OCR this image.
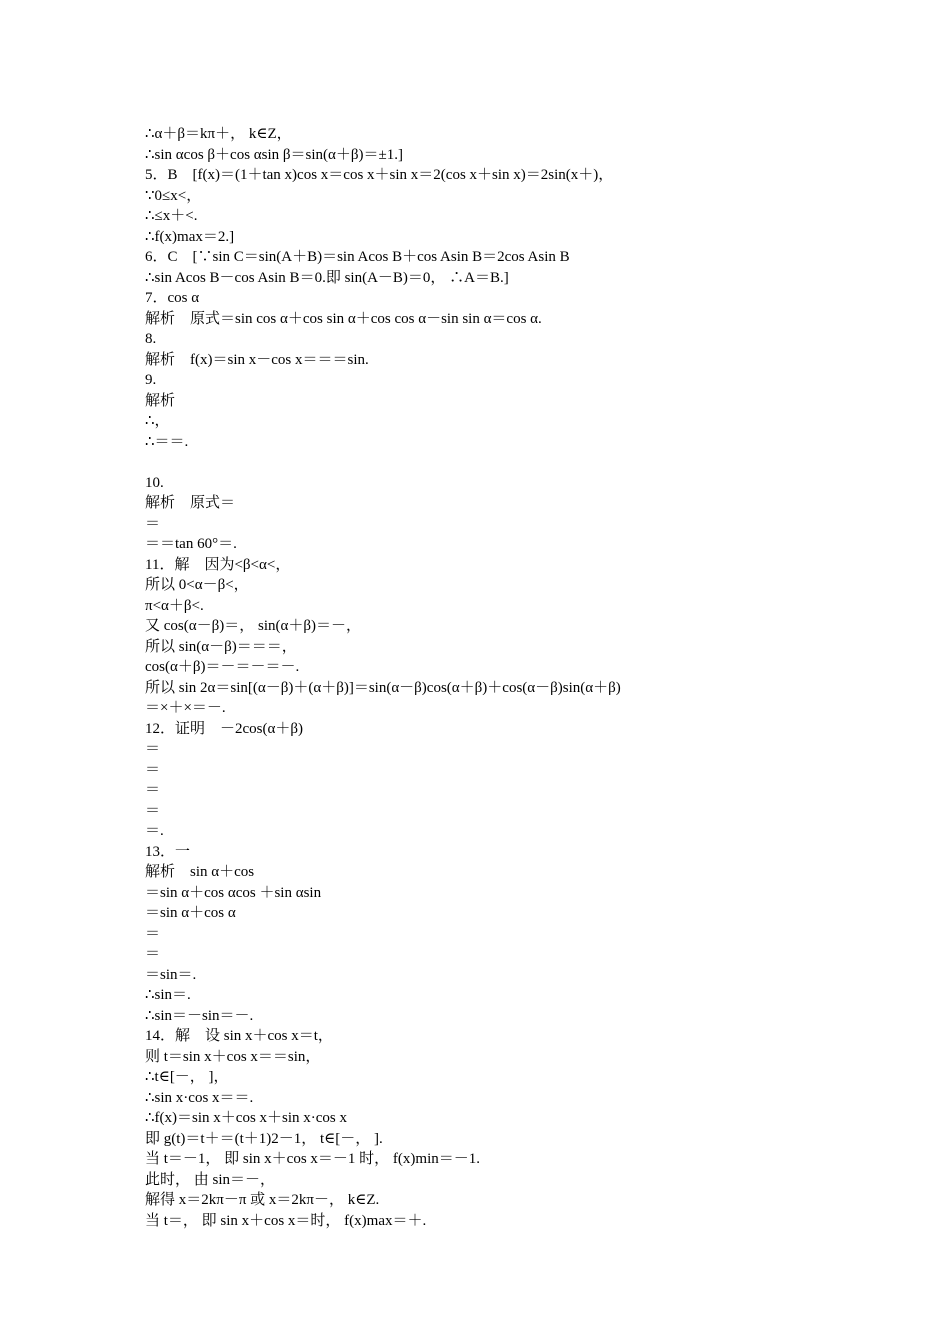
∴α＋β＝kπ＋， k∈Z，
∴sin αcos β＋cos αsin β＝sin(α＋β)＝±1.]
5．B　[f(x)＝(1＋tan x)cos x＝cos x＋sin x＝2(cos x＋sin x)＝2sin(x＋)，
∵0≤x<，
∴≤x＋<.
∴f(x)max＝2.]
6．C　[∵sin C＝sin(A＋B)＝sin Acos B＋cos Asin B＝2cos Asin B
∴sin Acos B－cos Asin B＝0.即 sin(A－B)＝0， ∴A＝B.]
7．cos α
解析　原式＝sin cos α＋cos sin α＋cos cos α－sin sin α＝cos α.
8.
解析　f(x)＝sin x－cos x＝＝＝sin.
9.
解析
∴，
∴＝＝.
10.
解析　原式＝
＝
＝＝tan 60°＝.
11．解　因为<β<α<，
所以 0<α－β<，
π<α＋β<.
又 cos(α－β)＝， sin(α＋β)＝－，
所以 sin(α－β)＝＝＝，
cos(α＋β)＝－＝－＝－.
所以 sin 2α＝sin[(α－β)＋(α＋β)]＝sin(α－β)cos(α＋β)＋cos(α－β)sin(α＋β)
＝×＋×＝－.
12．证明　－2cos(α＋β)
＝
＝
＝
＝
＝.
13．一
解析　sin α＋cos
＝sin α＋cos αcos ＋sin αsin
＝sin α＋cos α
＝
＝
＝sin＝.
∴sin＝.
∴sin＝－sin＝－.
14．解　设 sin x＋cos x＝t，
则 t＝sin x＋cos x＝＝sin，
∴t∈[－， ]，
∴sin x·cos x＝＝.
∴f(x)＝sin x＋cos x＋sin x·cos x
即 g(t)＝t＋＝(t＋1)2－1， t∈[－， ].
当 t＝－1， 即 sin x＋cos x＝－1 时， f(x)min＝－1.
此时， 由 sin＝－，
解得 x＝2kπ－π 或 x＝2kπ－， k∈Z.
当 t＝， 即 sin x＋cos x＝时， f(x)max＝＋.
